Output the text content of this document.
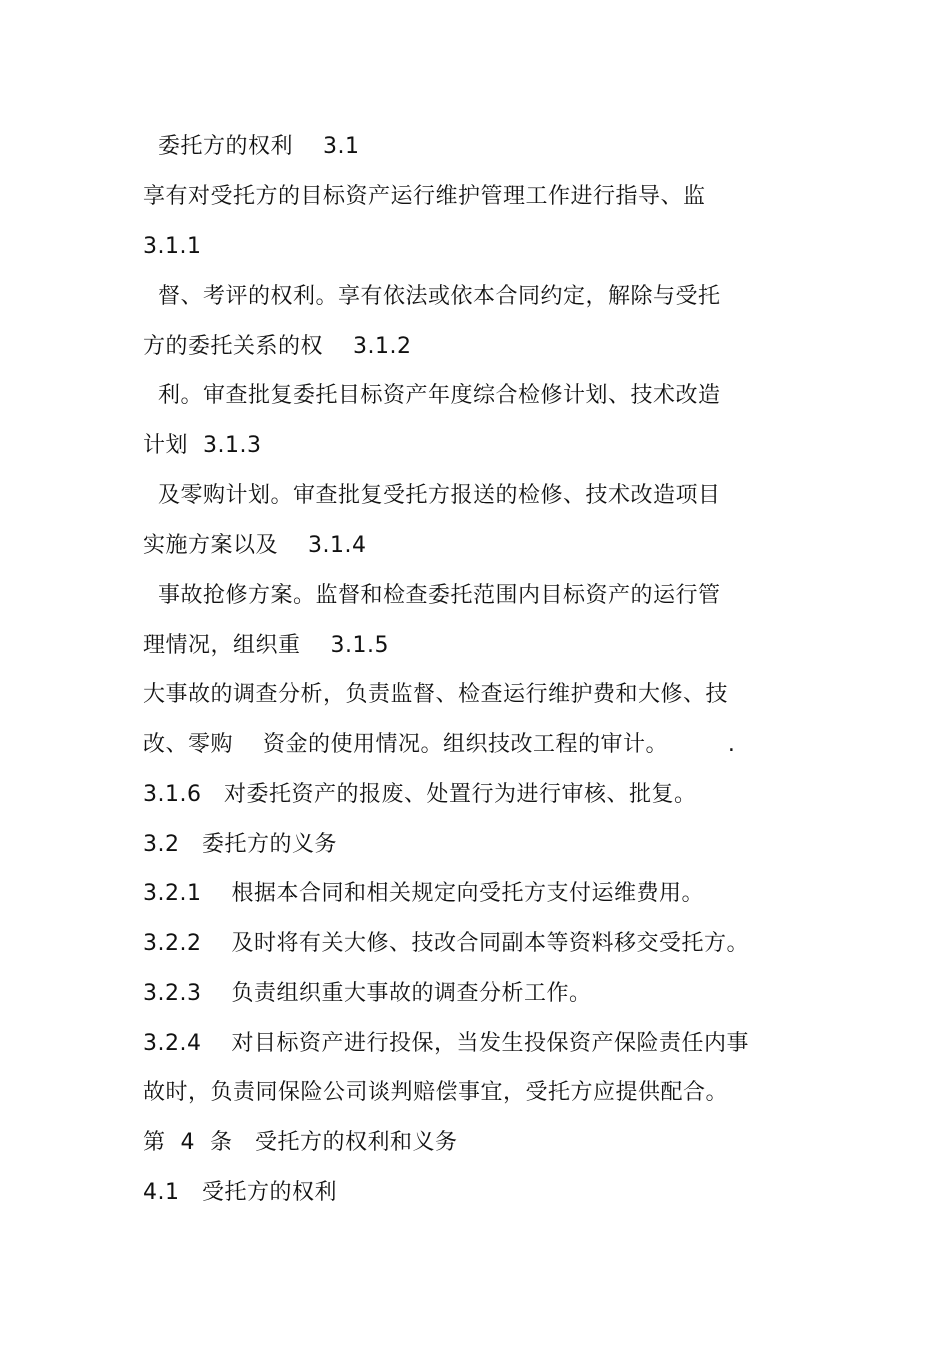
委托方的权利    3.1
享有对受托方的目标资产运行维护管理工作进行指导、监
3.1.1
督、考评的权利。享有依法或依本合同约定，解除与受托
方的委托关系的权    3.1.2
利。审查批复委托目标资产年度综合检修计划、技术改造
计划  3.1.3
及零购计划。审查批复受托方报送的检修、技术改造项目
实施方案以及    3.1.4
事故抢修方案。监督和检查委托范围内目标资产的运行管
理情况，组织重    3.1.5
大事故的调查分析，负责监督、检查运行维护费和大修、技
改、零购    资金的使用情况。组织技改工程的审计。        .
3.1.6   对委托资产的报废、处置行为进行审核、批复。
3.2   委托方的义务
3.2.1    根据本合同和相关规定向受托方支付运维费用。
3.2.2    及时将有关大修、技改合同副本等资料移交受托方。
3.2.3    负责组织重大事故的调查分析工作。
3.2.4    对目标资产进行投保，当发生投保资产保险责任内事
故时，负责同保险公司谈判赔偿事宜，受托方应提供配合。
第  4  条   受托方的权利和义务
4.1   受托方的权利
